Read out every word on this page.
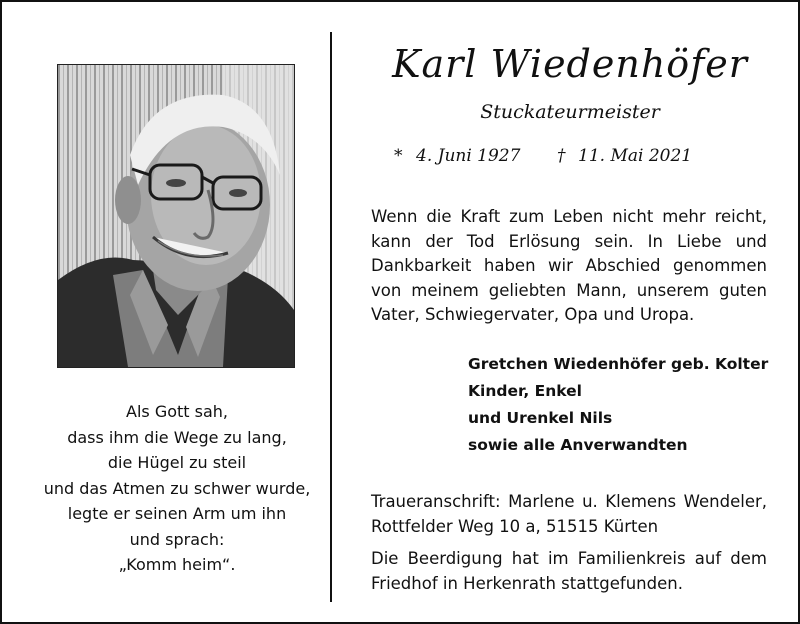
Als Gott sah,
dass ihm die Wege zu lang,
die Hügel zu steil
und das Atmen zu schwer wurde,
legte er seinen Arm um ihn
und sprach:
„Komm heim“.
Karl Wiedenhöfer
Stuckateurmeister
* 4. Juni 1927 † 11. Mai 2021
Wenn die Kraft zum Leben nicht mehr reicht,
kann der Tod Erlösung sein. In Liebe und
Dankbarkeit haben wir Abschied genommen
von meinem geliebten Mann, unserem guten
Vater, Schwiegervater, Opa und Uropa.
Gretchen Wiedenhöfer geb. Kolter
Kinder, Enkel
und Urenkel Nils
sowie alle Anverwandten
Traueranschrift: Marlene u. Klemens Wendeler,
Rottfelder Weg 10 a, 51515 Kürten
Die Beerdigung hat im Familienkreis auf dem
Friedhof in Herkenrath stattgefunden.
